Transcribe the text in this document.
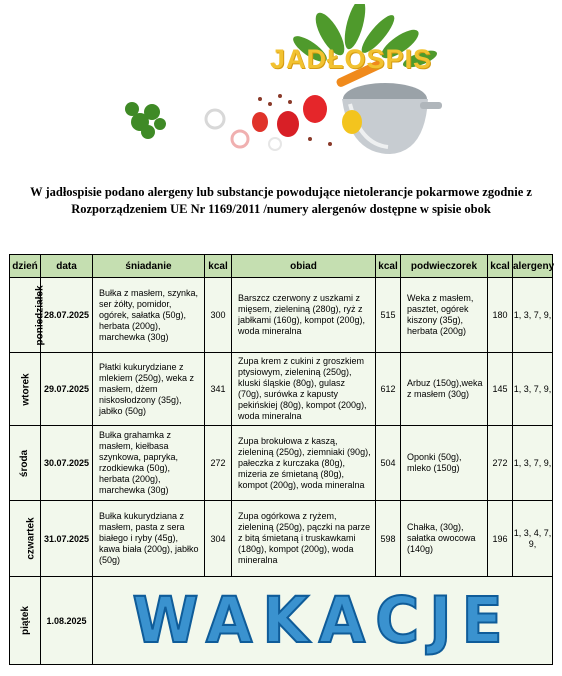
JADŁOSPIS
W jadłospisie podano alergeny lub substancje powodujące nietolerancje pokarmowe zgodnie z Rozporządzeniem UE Nr 1169/2011 /numery alergenów dostępne w spisie obok
dzień	data	śniadanie	kcal	obiad	kcal	podwieczorek	kcal	alergeny
poniedziałek	28.07.2025	Bułka z masłem, szynka, ser żółty, pomidor, ogórek, sałatka (50g), herbata (200g), marchewka (30g)	300	Barszcz czerwony z uszkami z mięsem, zieleniną (280g), ryż z jabłkami (160g), kompot (200g), woda mineralna	515	Weka z masłem, pasztet, ogórek kiszony (35g), herbata (200g)	180	1, 3, 7, 9,
wtorek	29.07.2025	Płatki kukurydziane z mlekiem (250g), weka z masłem, dżem niskosłodzony (35g), jabłko (50g)	341	Zupa krem z cukini z groszkiem ptysiowym, zieleniną (250g), kluski śląskie (80g), gulasz (70g), surówka z kapusty pekińskiej (80g), kompot (200g), woda mineralna	612	Arbuz (150g),weka z masłem (30g)	145	1, 3, 7, 9,
środa	30.07.2025	Bułka grahamka z masłem, kiełbasa szynkowa, papryka, rzodkiewka (50g), herbata (200g), marchewka (30g)	272	Zupa brokułowa z kaszą, zieleniną (250g), ziemniaki (90g), pałeczka z kurczaka (80g), mizeria ze śmietaną (80g), kompot (200g), woda mineralna	504	Oponki (50g), mleko (150g)	272	1, 3, 7, 9,
czwartek	31.07.2025	Bułka kukurydziana z masłem, pasta z sera białego i ryby (45g), kawa biała (200g), jabłko (50g)	304	Zupa ogórkowa z ryżem, zieleniną (250g), pączki na parze z bitą śmietaną i truskawkami (180g), kompot (200g), woda mineralna	598	Chałka, (30g), sałatka owocowa (140g)	196	1, 3, 4, 7, 9,
piątek	1.08.2025	WAKACJE						
